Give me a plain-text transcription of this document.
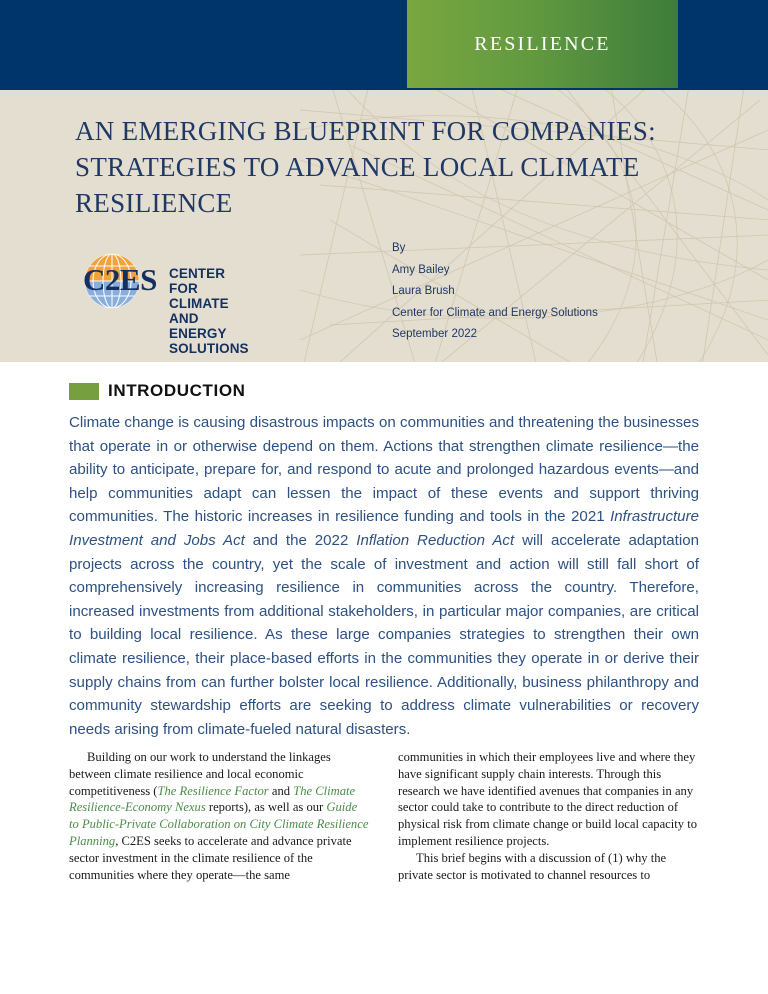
RESILIENCE
AN EMERGING BLUEPRINT FOR COMPANIES: STRATEGIES TO ADVANCE LOCAL CLIMATE RESILIENCE
C2ES CENTER FOR CLIMATE
AND ENERGY SOLUTIONS
By
Amy Bailey
Laura Brush
Center for Climate and Energy Solutions
September 2022
INTRODUCTION
Climate change is causing disastrous impacts on communities and threatening the businesses that operate in or otherwise depend on them. Actions that strengthen climate resilience—the ability to anticipate, prepare for, and respond to acute and prolonged hazardous events—and help communities adapt can lessen the impact of these events and support thriving communities. The historic increases in resilience funding and tools in the 2021 Infrastructure Investment and Jobs Act and the 2022 Inflation Reduction Act will accelerate adaptation projects across the country, yet the scale of investment and action will still fall short of comprehensively increasing resilience in communities across the country. Therefore, increased investments from additional stakeholders, in particular major companies, are critical to building local resilience. As these large companies strategies to strengthen their own climate resilience, their place-based efforts in the communities they operate in or derive their supply chains from can further bolster local resilience. Additionally, business philanthropy and community stewardship efforts are seeking to address climate vulnerabilities or recovery needs arising from climate-fueled natural disasters.

Building on our work to understand the linkages between climate resilience and local economic competitiveness (The Resilience Factor and The Climate Resilience-Economy Nexus reports), as well as our Guide to Public-Private Collaboration on City Climate Resilience Planning, C2ES seeks to accelerate and advance private sector investment in the climate resilience of the communities where they operate—the same

communities in which their employees live and where they have significant supply chain interests. Through this research we have identified avenues that companies in any sector could take to contribute to the direct reduction of physical risk from climate change or build local capacity to implement resilience projects.

This brief begins with a discussion of (1) why the private sector is motivated to channel resources to
